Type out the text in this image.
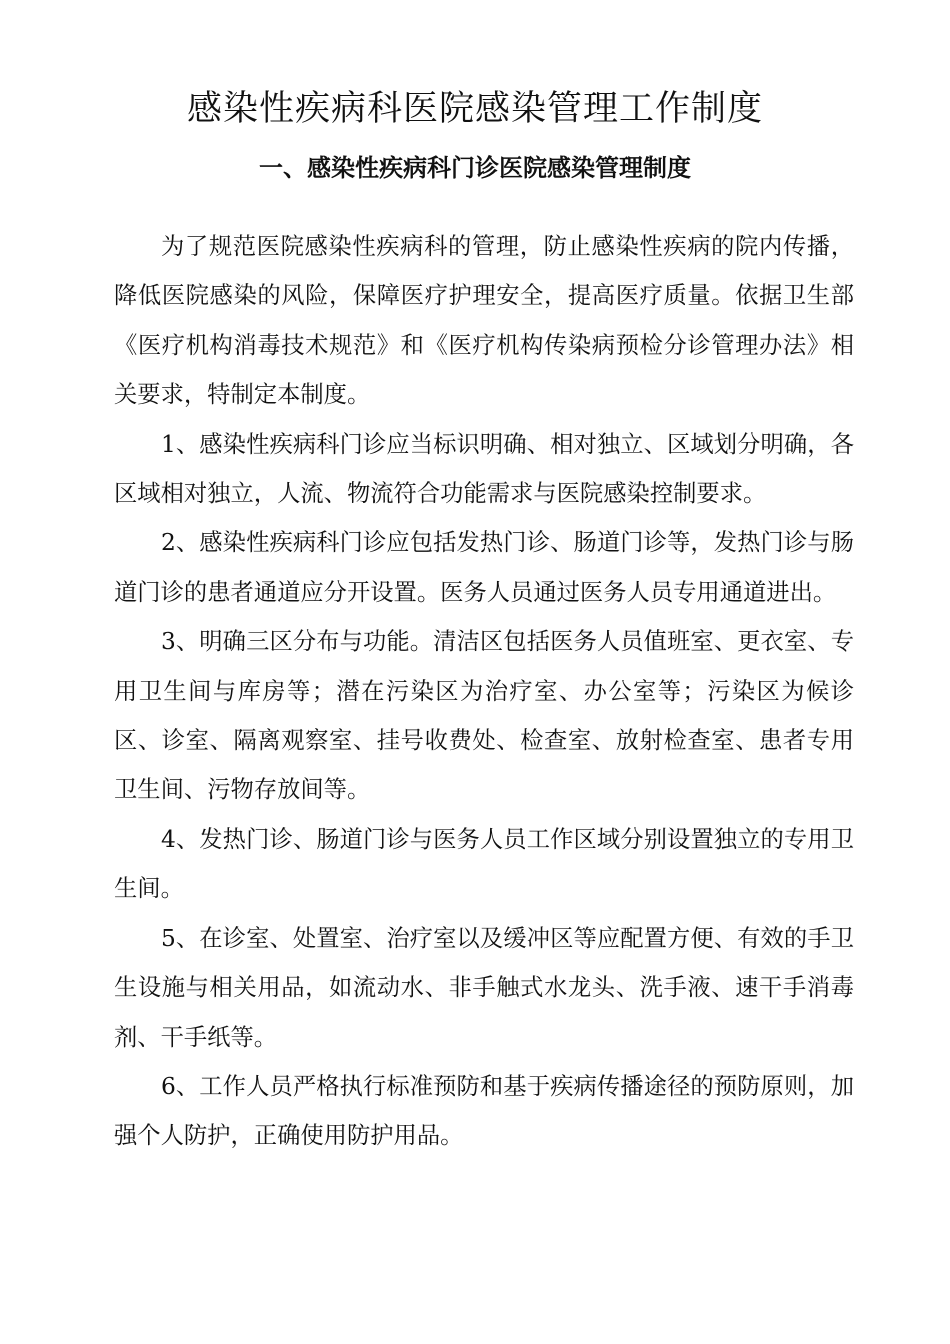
感染性疾病科医院感染管理工作制度
一、感染性疾病科门诊医院感染管理制度

为了规范医院感染性疾病科的管理，防止感染性疾病的院内传播，降低医院感染的风险，保障医疗护理安全，提高医疗质量。依据卫生部《医疗机构消毒技术规范》和《医疗机构传染病预检分诊管理办法》相关要求，特制定本制度。

1、感染性疾病科门诊应当标识明确、相对独立、区域划分明确，各区域相对独立，人流、物流符合功能需求与医院感染控制要求。

2、感染性疾病科门诊应包括发热门诊、肠道门诊等，发热门诊与肠道门诊的患者通道应分开设置。医务人员通过医务人员专用通道进出。

3、明确三区分布与功能。清洁区包括医务人员值班室、更衣室、专用卫生间与库房等；潜在污染区为治疗室、办公室等；污染区为候诊区、诊室、隔离观察室、挂号收费处、检查室、放射检查室、患者专用卫生间、污物存放间等。

4、发热门诊、肠道门诊与医务人员工作区域分别设置独立的专用卫生间。

5、在诊室、处置室、治疗室以及缓冲区等应配置方便、有效的手卫生设施与相关用品，如流动水、非手触式水龙头、洗手液、速干手消毒剂、干手纸等。

6、工作人员严格执行标准预防和基于疾病传播途径的预防原则，加强个人防护，正确使用防护用品。
